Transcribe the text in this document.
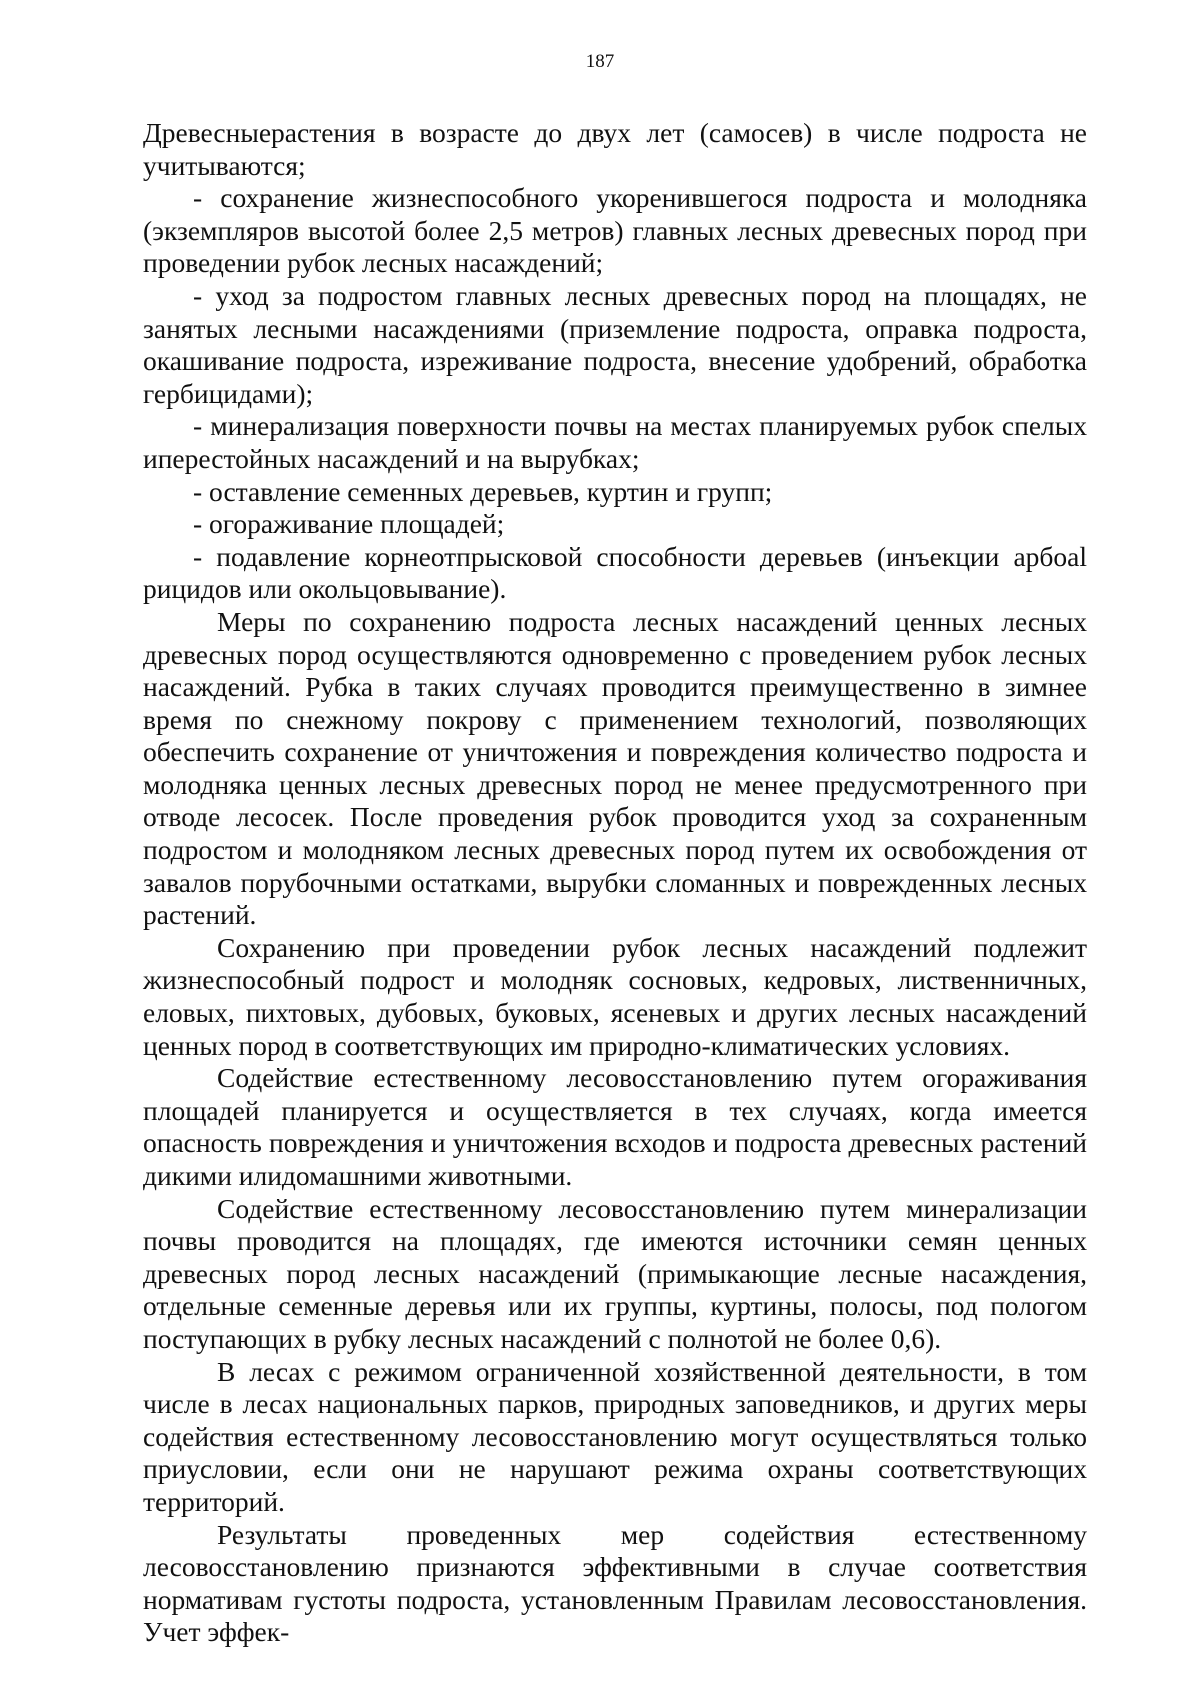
187

Древесныерастения в возрасте до двух лет (самосев) в числе подроста не учитываются;

- сохранение жизнеспособного укоренившегося подроста и молодняка (экземпляров высотой более 2,5 метров) главных лесных древесных пород при проведении рубок лесных насаждений;

- уход за подростом главных лесных древесных пород на площадях, не занятых лесными насаждениями (приземление подроста, оправка подроста, окашивание подроста, изреживание подроста, внесение удобрений, обработка гербицидами);

- минерализация поверхности почвы на местах планируемых рубок спелых иперестойных насаждений и на вырубках;

- оставление семенных деревьев, куртин и групп;

- огораживание площадей;

- подавление корнеотпрысковой способности деревьев (инъекции арбоal рицидов или окольцовывание).

Меры по сохранению подроста лесных насаждений ценных лесных древесных пород осуществляются одновременно с проведением рубок лесных насаждений. Рубка в таких случаях проводится преимущественно в зимнее время по снежному покрову с применением технологий, позволяющих обеспечить сохранение от уничтожения и повреждения количество подроста и молодняка ценных лесных древесных пород не менее предусмотренного при отводе лесосек. После проведения рубок проводится уход за сохраненным подростом и молодняком лесных древесных пород путем их освобождения от завалов порубочными остатками, вырубки сломанных и поврежденных лесных растений.

Сохранению при проведении рубок лесных насаждений подлежит жизнеспособный подрост и молодняк сосновых, кедровых, лиственничных, еловых, пихтовых, дубовых, буковых, ясеневых и других лесных насаждений ценных пород в соответствующих им природно-климатических условиях.

Содействие естественному лесовосстановлению путем огораживания площадей планируется и осуществляется в тех случаях, когда имеется опасность повреждения и уничтожения всходов и подроста древесных растений дикими илидомашними животными.

Содействие естественному лесовосстановлению путем минерализации почвы проводится на площадях, где имеются источники семян ценных древесных пород лесных насаждений (примыкающие лесные насаждения, отдельные семенные деревья или их группы, куртины, полосы, под пологом поступающих в рубку лесных насаждений с полнотой не более 0,6).

В лесах с режимом ограниченной хозяйственной деятельности, в том числе в лесах национальных парков, природных заповедников, и других меры содействия естественному лесовосстановлению могут осуществляться только приусловии, если они не нарушают режима охраны соответствующих территорий.

Результаты проведенных мер содействия естественному лесовосстановлению признаются эффективными в случае соответствия нормативам густоты подроста, установленным Правилам лесовосстановления. Учет эффек-
